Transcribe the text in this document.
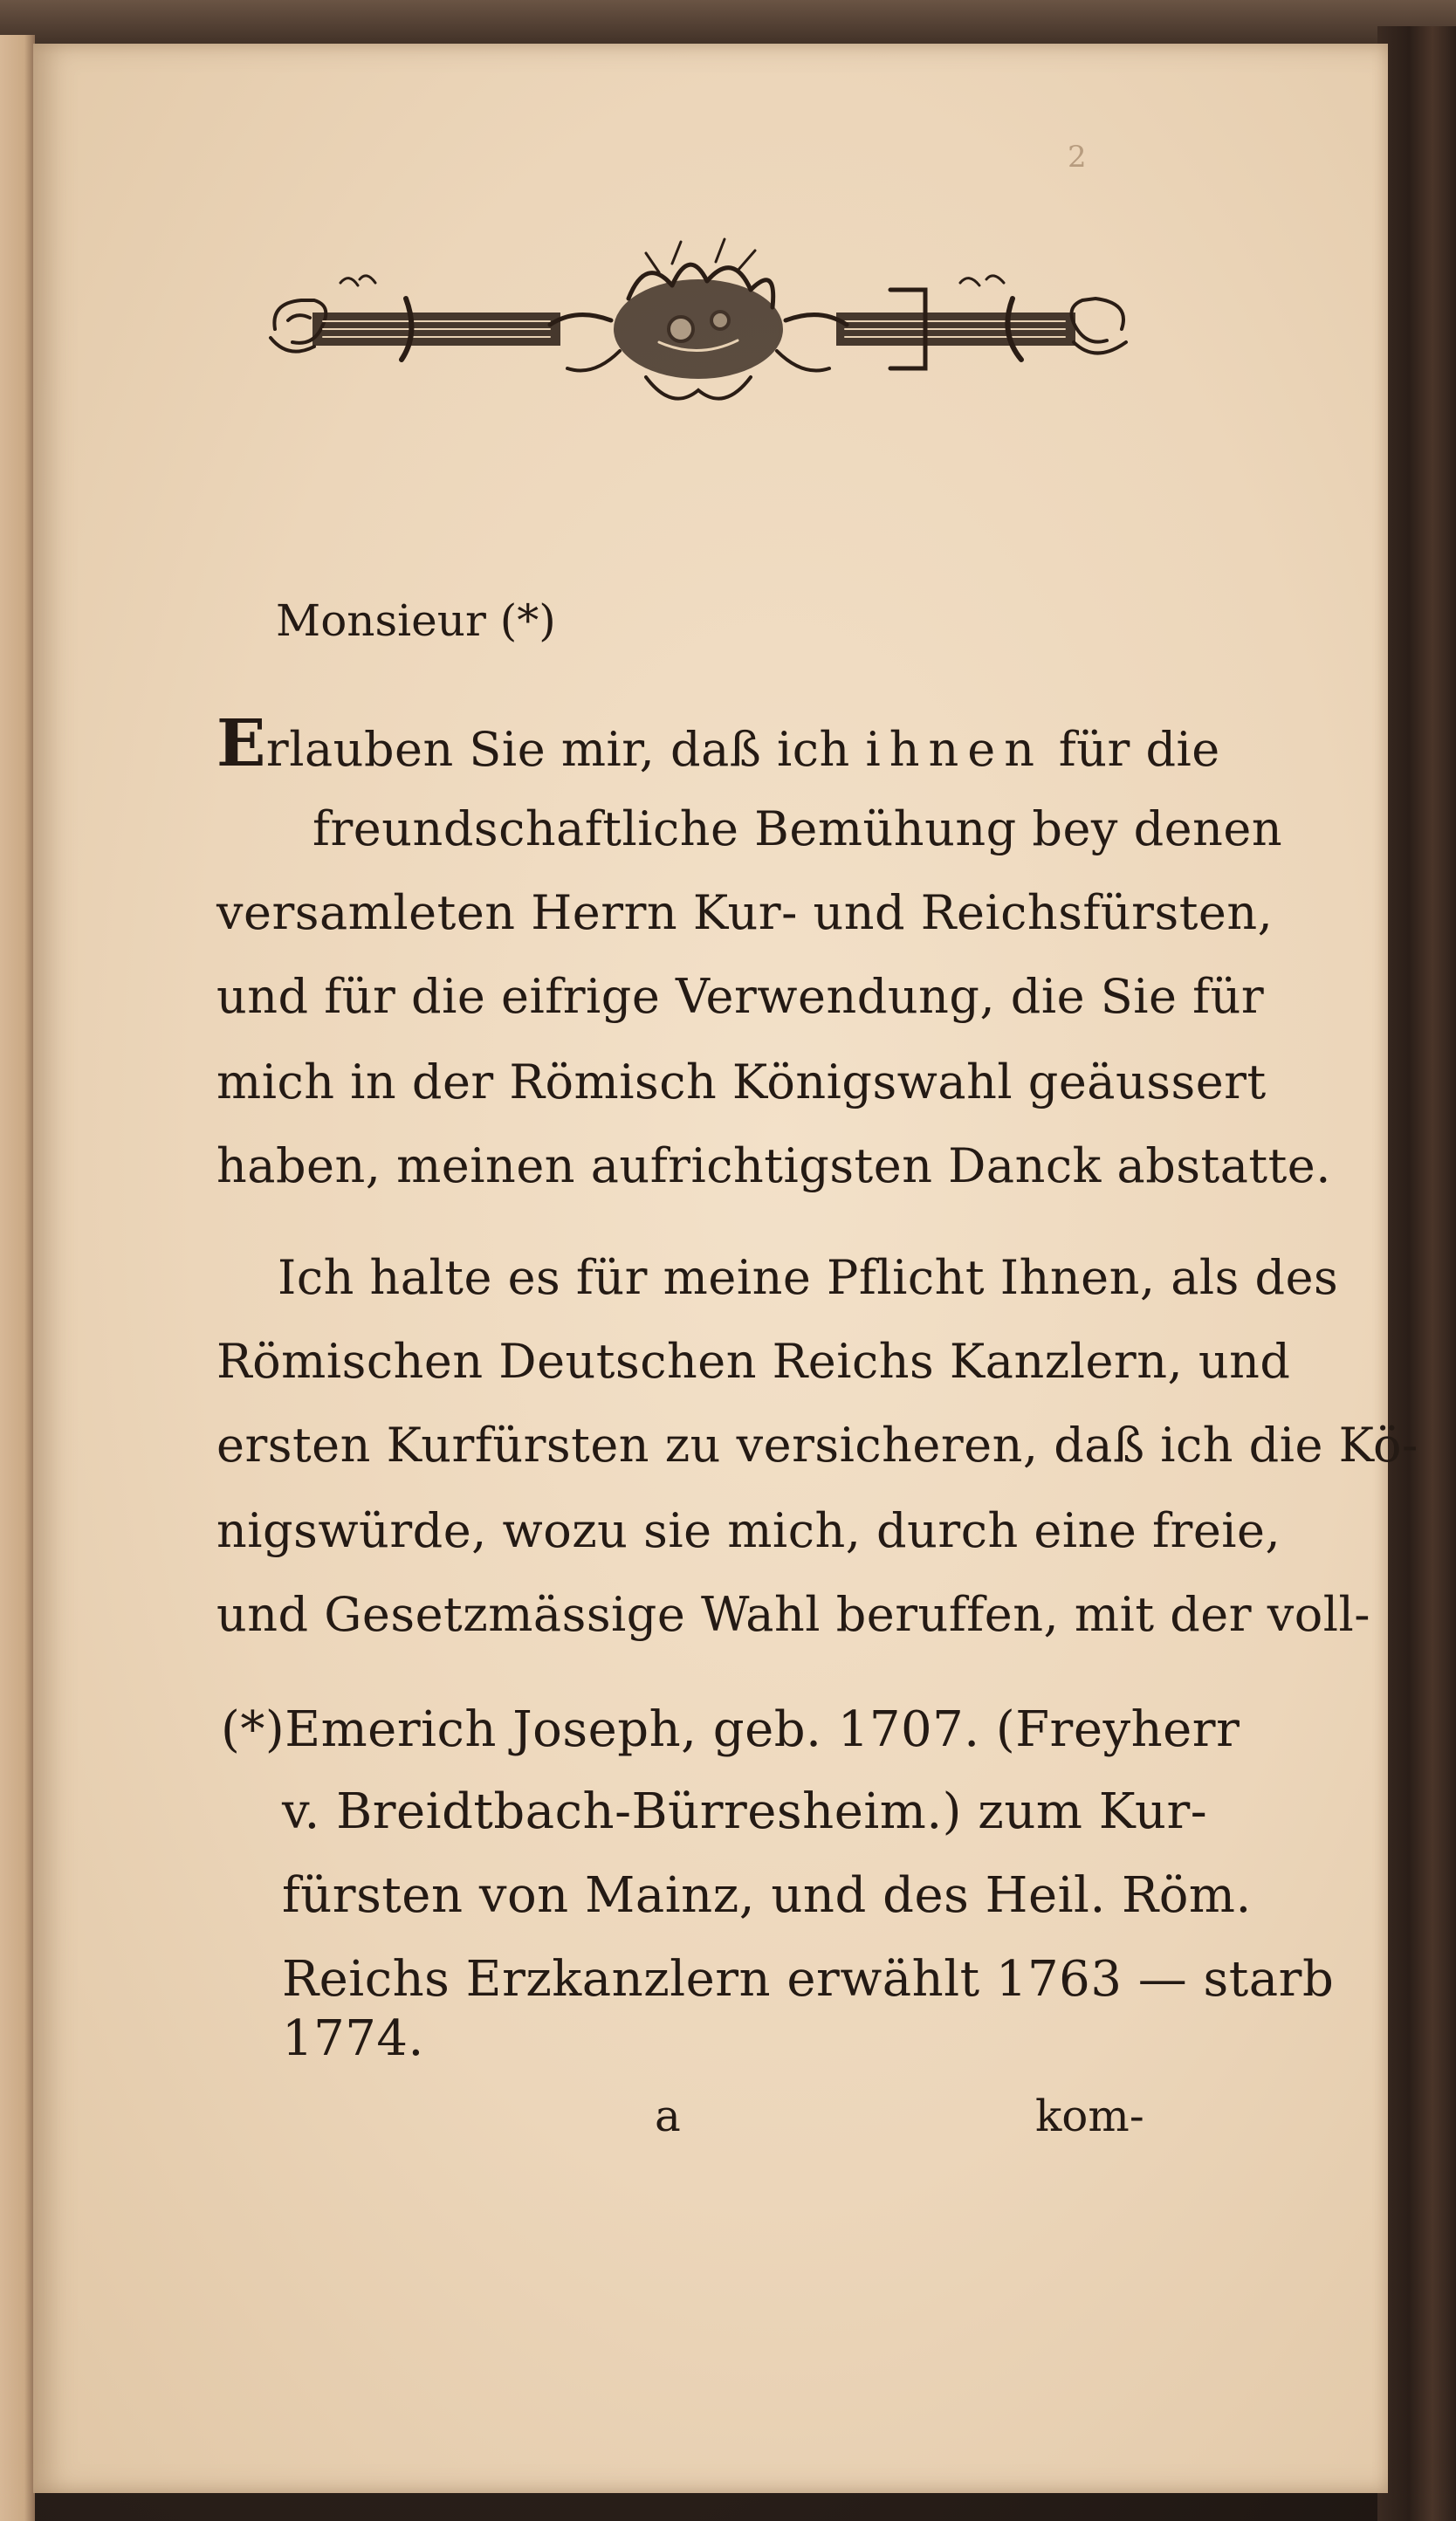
2
Monsieur (*)
Erlauben Sie mir, daß ich ihnen für die
freundschaftliche Bemühung bey denen
versamleten Herrn Kur- und Reichsfürsten,
und für die eifrige Verwendung, die Sie für
mich in der Römisch Königswahl geäussert
haben, meinen aufrichtigsten Danck abstatte.
Ich halte es für meine Pflicht Ihnen, als des
Römischen Deutschen Reichs Kanzlern, und
ersten Kurfürsten zu versicheren, daß ich die Kö-
nigswürde, wozu sie mich, durch eine freie,
und Gesetzmässige Wahl beruffen, mit der voll-
(*)Emerich Joseph, geb. 1707. (Freyherr
v. Breidtbach-Bürresheim.) zum Kur-
fürsten von Mainz, und des Heil. Röm.
Reichs Erzkanzlern erwählt 1763 — starb
1774.
a	kom-
